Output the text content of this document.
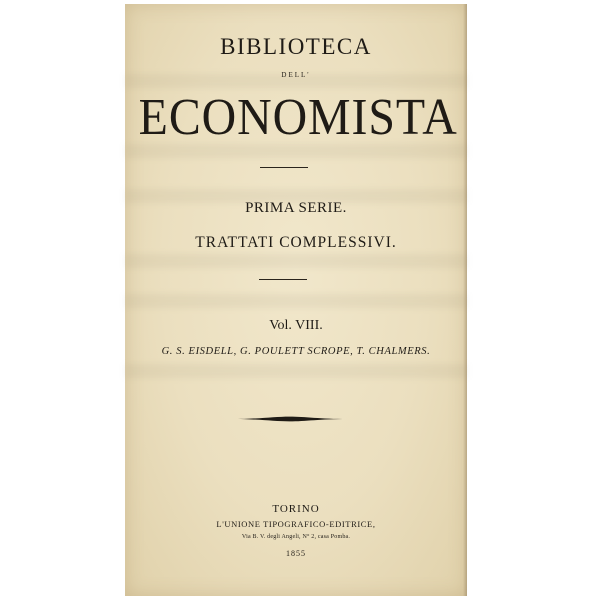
BIBLIOTECA
DELL'
ECONOMISTA
PRIMA SERIE.
TRATTATI COMPLESSIVI.
Vol. VIII.
G. S. EISDELL, G. POULETT SCROPE, T. CHALMERS.
TORINO
L'UNIONE TIPOGRAFICO-EDITRICE,
Via B. V. degli Angeli, N° 2, casa Pomba.
1855
